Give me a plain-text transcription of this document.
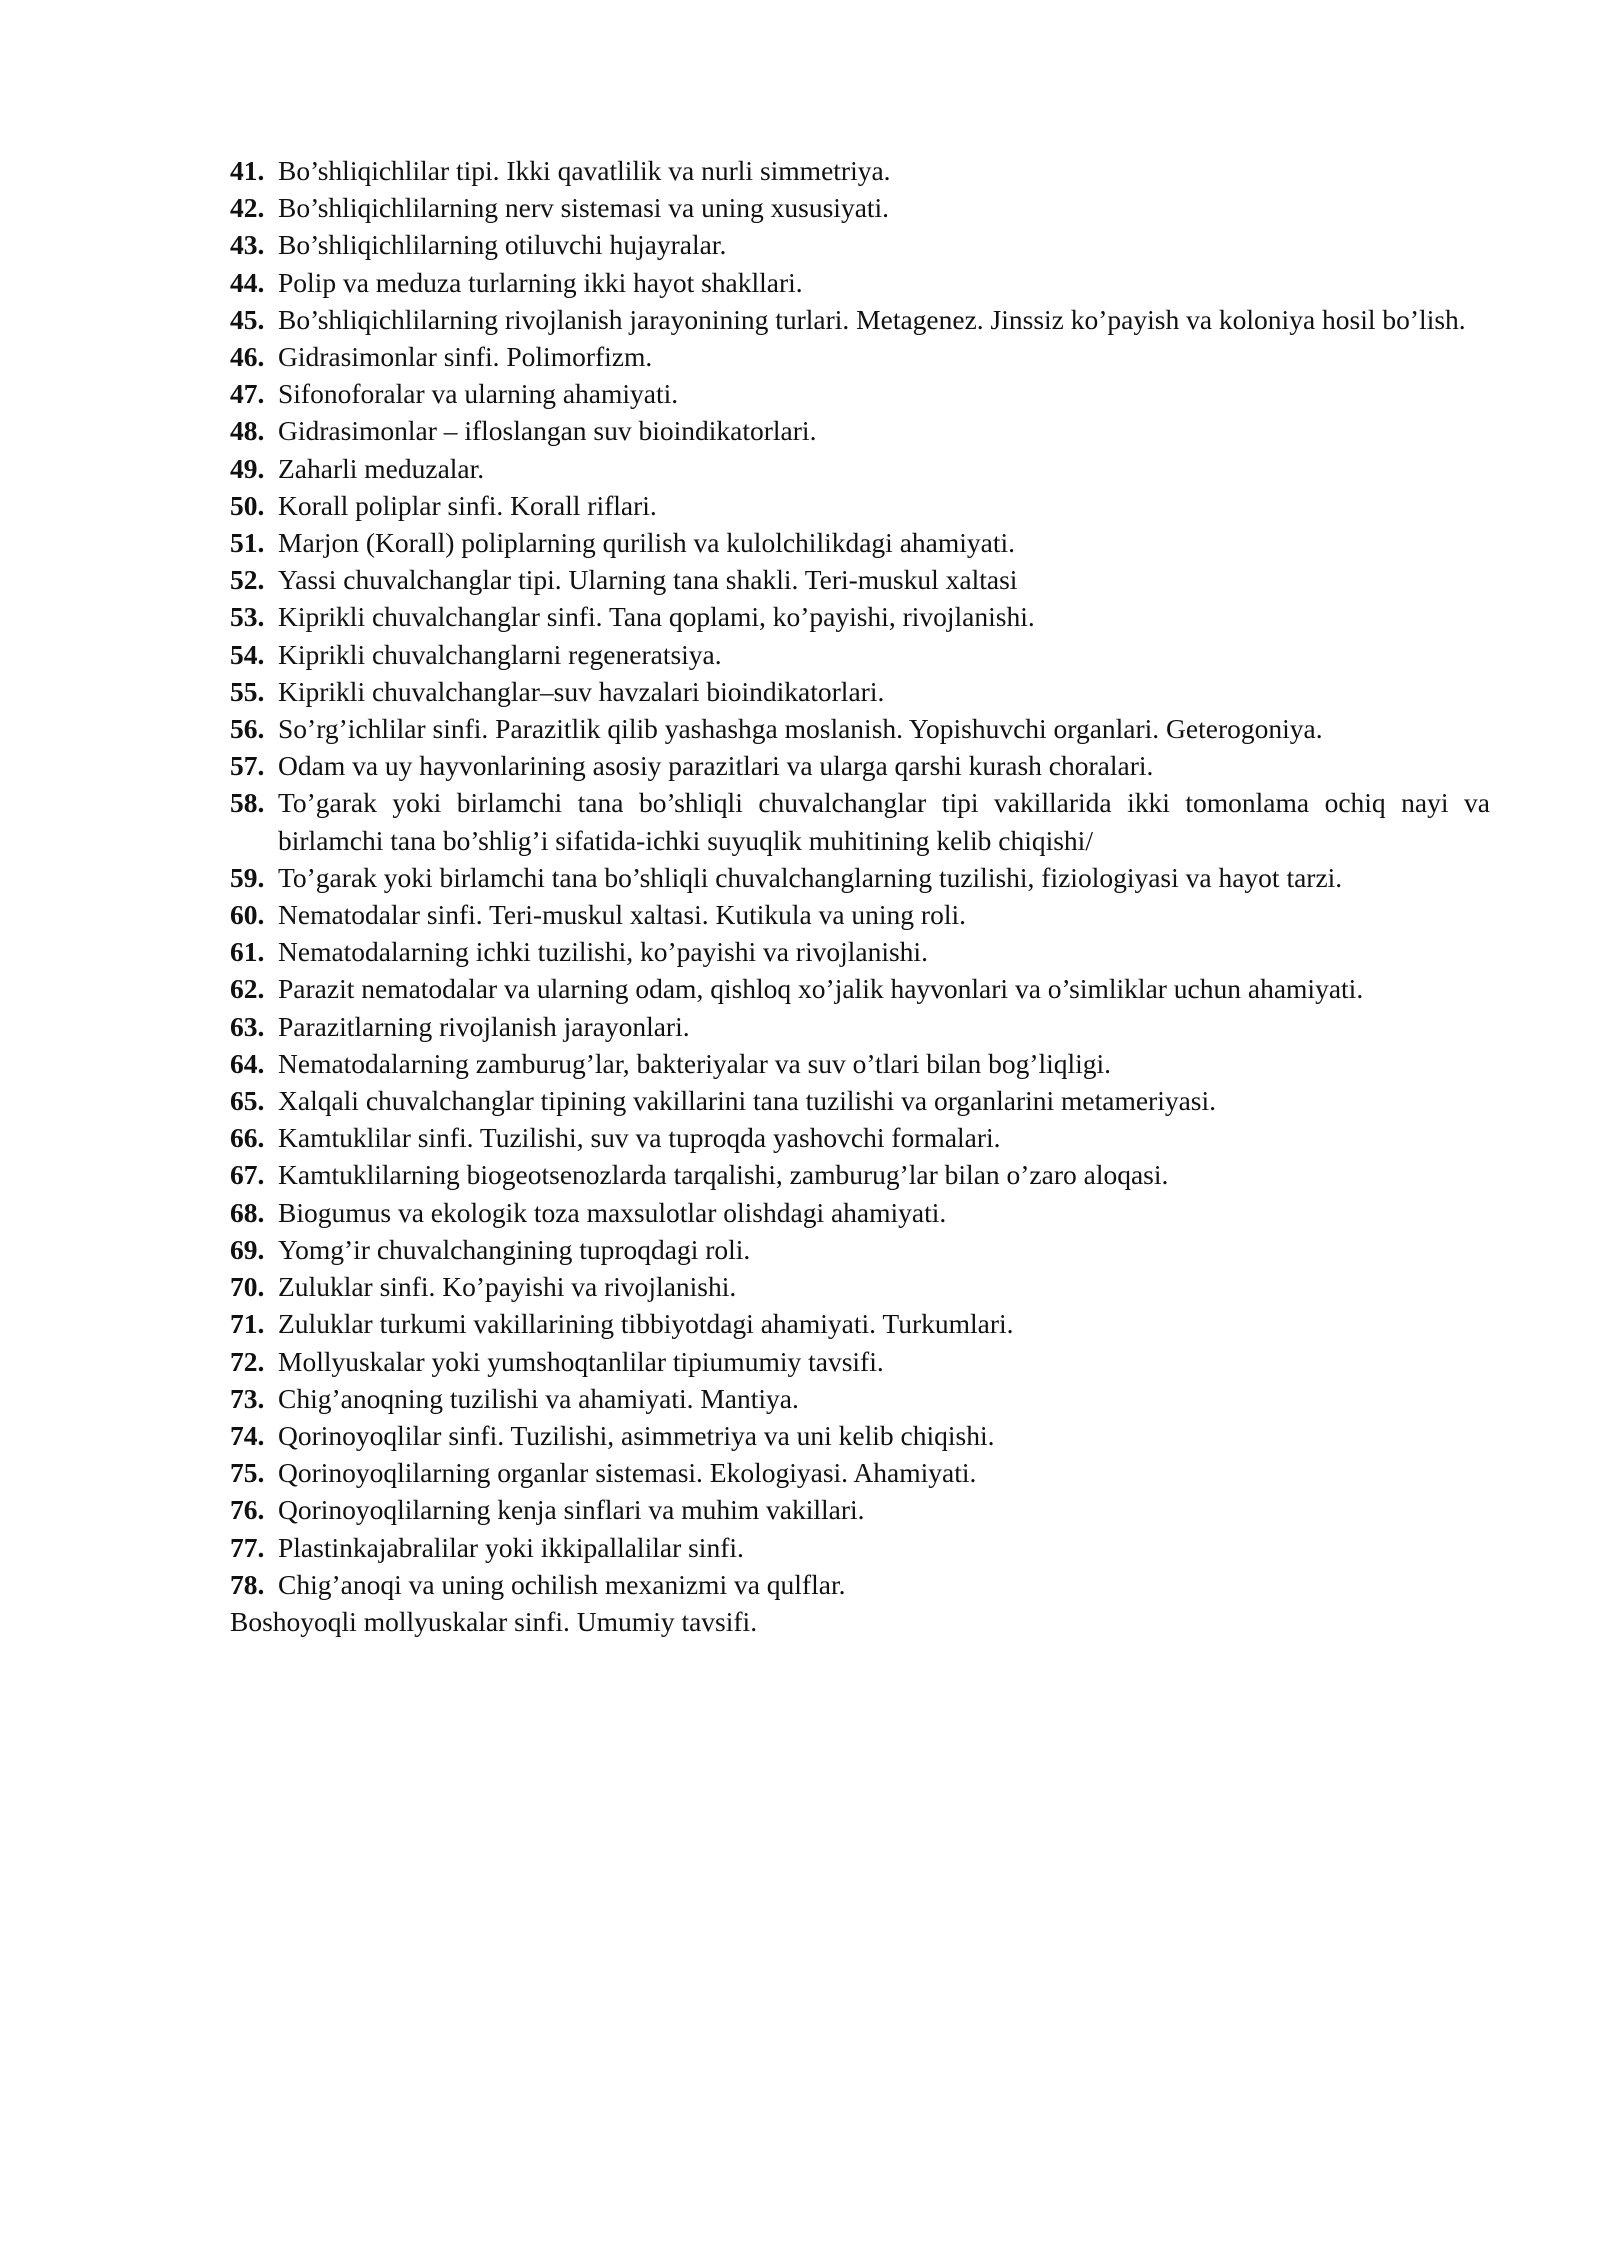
41. Bo’shliqichlilar tipi. Ikki qavatlilik va nurli simmetriya.
42. Bo’shliqichlilarning nerv sistemasi va uning xususiyati.
43. Bo’shliqichlilarning otiluvchi hujayralar.
44. Polip va meduza turlarning ikki hayot shakllari.
45. Bo’shliqichlilarning rivojlanish jarayonining turlari. Metagenez. Jinssiz ko’payish va koloniya hosil bo’lish.
46. Gidrasimonlar sinfi. Polimorfizm.
47. Sifonoforalar va ularning ahamiyati.
48. Gidrasimonlar – ifloslangan suv bioindikatorlari.
49. Zaharli meduzalar.
50. Korall poliplar sinfi. Korall riflari.
51. Marjon (Korall) poliplarning qurilish va kulolchilikdagi ahamiyati.
52. Yassi chuvalchanglar tipi. Ularning tana shakli. Teri-muskul xaltasi
53. Kiprikli chuvalchanglar sinfi. Tana qoplami, ko’payishi, rivojlanishi.
54. Kiprikli chuvalchanglarni regeneratsiya.
55. Kiprikli chuvalchanglar–suv havzalari bioindikatorlari.
56. So’rg’ichlilar sinfi. Parazitlik qilib yashashga moslanish. Yopishuvchi organlari. Geterogoniya.
57. Odam va uy hayvonlarining asosiy parazitlari va ularga qarshi kurash choralari.
58. To’garak yoki birlamchi tana bo’shliqli chuvalchanglar tipi vakillarida ikki tomonlama ochiq nayi va birlamchi tana bo’shlig’i sifatida-ichki suyuqlik muhitining kelib chiqishi/
59. To’garak yoki birlamchi tana bo’shliqli chuvalchanglarning tuzilishi, fiziologiyasi va hayot tarzi.
60. Nematodalar sinfi. Teri-muskul xaltasi. Kutikula va uning roli.
61. Nematodalarning ichki tuzilishi, ko’payishi va rivojlanishi.
62. Parazit nematodalar va ularning odam, qishloq xo’jalik hayvonlari va o’simliklar uchun ahamiyati.
63. Parazitlarning rivojlanish jarayonlari.
64. Nematodalarning zamburug’lar, bakteriyalar va suv o’tlari bilan bog’liqligi.
65. Xalqali chuvalchanglar tipining vakillarini tana tuzilishi va organlarini metameriyasi.
66. Kamtuklilar sinfi. Tuzilishi, suv va tuproqda yashovchi formalari.
67. Kamtuklilarning biogeotsenozlarda tarqalishi, zamburug’lar bilan o’zaro aloqasi.
68. Biogumus va ekologik toza maxsulotlar olishdagi ahamiyati.
69. Yomg’ir chuvalchangining tuproqdagi roli.
70. Zuluklar sinfi. Ko’payishi va rivojlanishi.
71. Zuluklar turkumi vakillarining tibbiyotdagi ahamiyati. Turkumlari.
72. Mollyuskalar yoki yumshoqtanlilar tipiumumiy tavsifi.
73. Chig’anoqning tuzilishi va ahamiyati. Mantiya.
74. Qorinoyoqlilar sinfi. Tuzilishi, asimmetriya va uni kelib chiqishi.
75. Qorinoyoqlilarning organlar sistemasi. Ekologiyasi. Ahamiyati.
76. Qorinoyoqlilarning kenja sinflari va muhim vakillari.
77. Plastinkajabralilar yoki ikkipallalilar sinfi.
78. Chig’anoqi va uning ochilish mexanizmi va qulflar.
Boshoyoqli mollyuskalar sinfi. Umumiy tavsifi.
